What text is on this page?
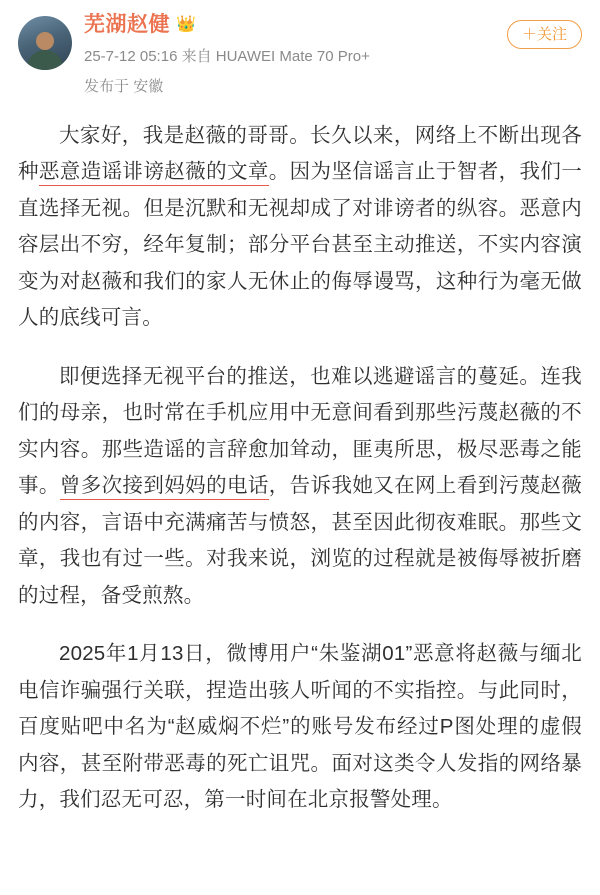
芜湖赵健 👑
25-7-12 05:16 来自 HUAWEI Mate 70 Pro+
发布于 安徽
＋关注

大家好，我是赵薇的哥哥。长久以来，网络上不断出现各种恶意造谣诽谤赵薇的文章。因为坚信谣言止于智者，我们一直选择无视。但是沉默和无视却成了对诽谤者的纵容。恶意内容层出不穷，经年复制；部分平台甚至主动推送，不实内容演变为对赵薇和我们的家人无休止的侮辱谩骂，这种行为毫无做人的底线可言。

即便选择无视平台的推送，也难以逃避谣言的蔓延。连我们的母亲，也时常在手机应用中无意间看到那些污蔑赵薇的不实内容。那些造谣的言辞愈加耸动，匪夷所思，极尽恶毒之能事。曾多次接到妈妈的电话，告诉我她又在网上看到污蔑赵薇的内容，言语中充满痛苦与愤怒，甚至因此彻夜难眠。那些文章，我也有过一些。对我来说，浏览的过程就是被侮辱被折磨的过程，备受煎熬。

2025年1月13日，微博用户“朱鉴湖01”恶意将赵薇与缅北电信诈骗强行关联，捏造出骇人听闻的不实指控。与此同时，百度贴吧中名为“赵威焖不烂”的账号发布经过P图处理的虚假内容，甚至附带恶毒的死亡诅咒。面对这类令人发指的网络暴力，我们忍无可忍，第一时间在北京报警处理。
